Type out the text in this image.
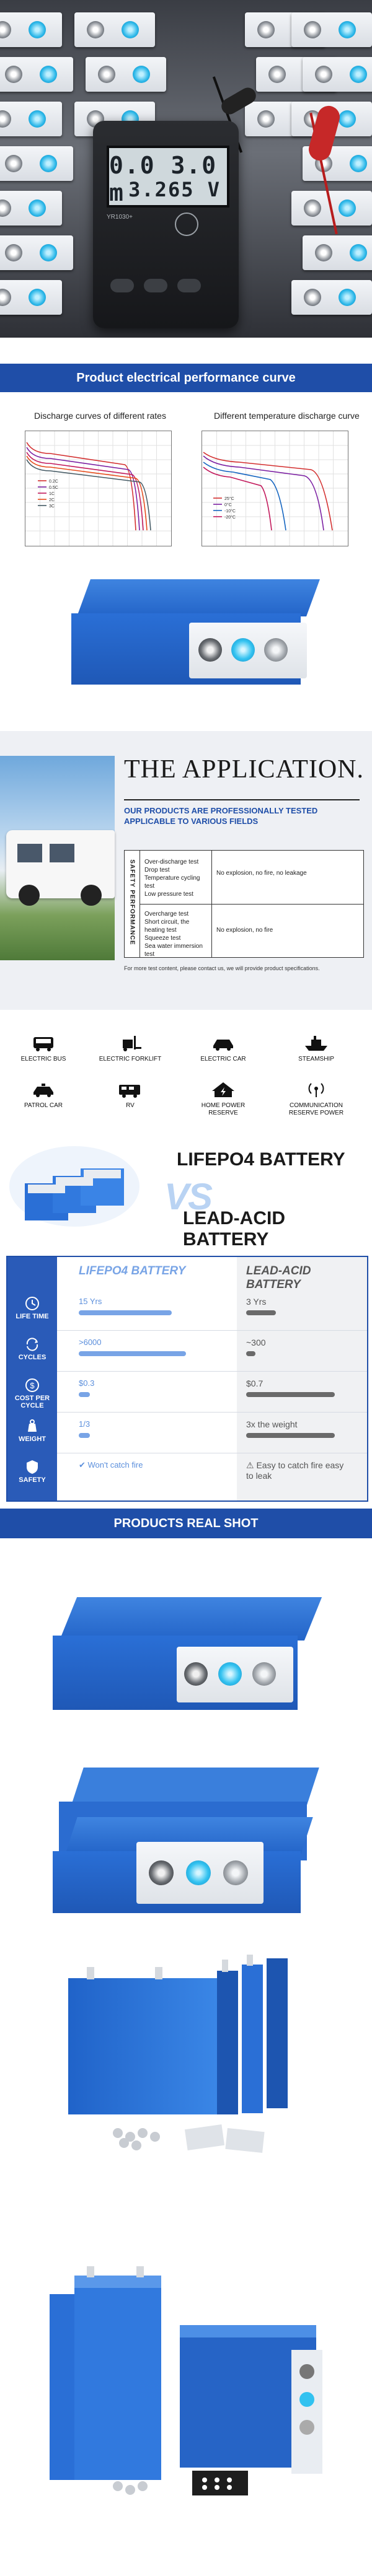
0.0 3.0 m 3.265 V
YR1030+
Product electrical performance curve
Discharge curves of different rates	Different temperature discharge curve
0.2C
0.5C
1C
2C
3C
25°C
0°C
-10°C
-20°C
THE APPLICATION.
OUR PRODUCTS ARE PROFESSIONALLY TESTED APPLICABLE TO VARIOUS FIELDS
SAFETY PERFORMANCE Over-discharge test
Drop test
Temperature cycling test
Low pressure test
No explosion, no fire, no leakage
Overcharge test
Short circuit, the heating test
Squeeze test
Sea water immersion test
No explosion, no fire
For more test content, please contact us, we will provide product specifications.
ELECTRIC BUS	ELECTRIC FORKLIFT	ELECTRIC CAR	STEAMSHIP
PATROL CAR	RV	HOME POWER RESERVE
COMMUNICATION RESERVE POWER
LIFEPO4 BATTERY
VS
LEAD-ACID BATTERY
LIFEPO4 BATTERY	LEAD-ACID BATTERY
LIFE TIME
15 Yrs	3 Yrs
CYCLES
>6000	~300
$
COST PER CYCLE
$0.3	$0.7
WEIGHT
1/3	3x the weight
SAFETY
✔ Won't catch fire	⚠ Easy to catch fire easy to leak
PRODUCTS REAL SHOT
